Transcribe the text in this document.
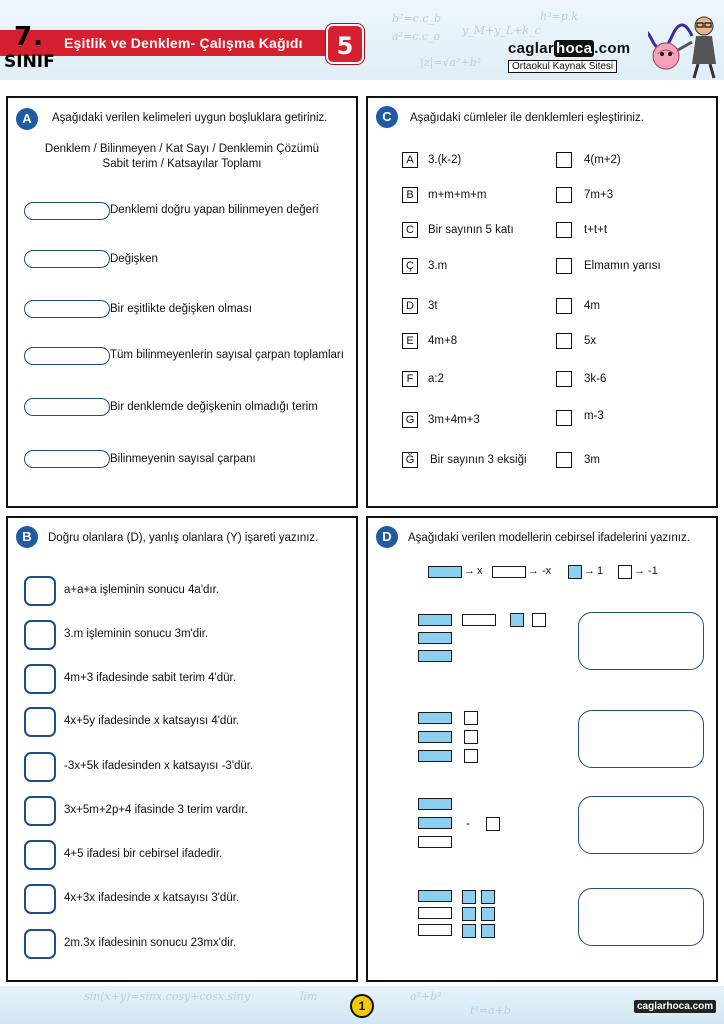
b²=c.c_b
a²=c.c_a
|z|=√a²+b²
y_M+y_L+k_c
h²=p.k
7.
SINIF
Eşitlik ve Denklem- Çalışma Kağıdı	5	caglar hoca .com
Ortaokul Kaynak Sitesi
A	Aşağıdaki verilen kelimeleri uygun boşluklara getiriniz.
Denklem / Bilinmeyen / Kat Sayı / Denklemin Çözümü
Sabit terim / Katsayılar Toplamı
Denklemi doğru yapan bilinmeyen değeri
Değişken
Bir eşitlikte değişken olması
Tüm bilinmeyenlerin sayısal çarpan toplamları
Bir denklemde değişkenin olmadığı terim
Bilinmeyenin sayısal çarpanı
C	Aşağıdaki cümleler ile denklemleri eşleştiriniz.
A	3.(k-2)	4(m+2)
B	m+m+m+m	7m+3
C	Bir sayının 5 katı	t+t+t
Ç	3.m	Elmamın yarısı
D	3t	4m
E	4m+8	5x
F	a:2	3k-6
G	3m+4m+3	m-3
Ğ	Bir sayının 3 eksiği	3m
B	Doğru olanlara (D), yanlış olanlara (Y) işareti yazınız.
a+a+a işleminin sonucu 4a'dır.
3.m işleminin sonucu 3m'dir.
4m+3 ifadesinde sabit terim 4'dür.
4x+5y ifadesinde x katsayısı 4'dür.
-3x+5k ifadesinden x katsayısı -3'dür.
3x+5m+2p+4 ifasinde 3 terim vardır.
4+5 ifadesi bir cebirsel ifadedir.
4x+3x ifadesinde x katsayısı 3'dür.
2m.3x ifadesinin sonucu 23mx'dir.
D	Aşağıdaki verilen modellerin cebirsel ifadelerini yazınız.
→ x	→ -x	→ 1	→ -1
-
sin(x+y)=sinx.cosy+cosx.siny	lim	a²+b²
t²=a+b
1	caglarhoca.com
